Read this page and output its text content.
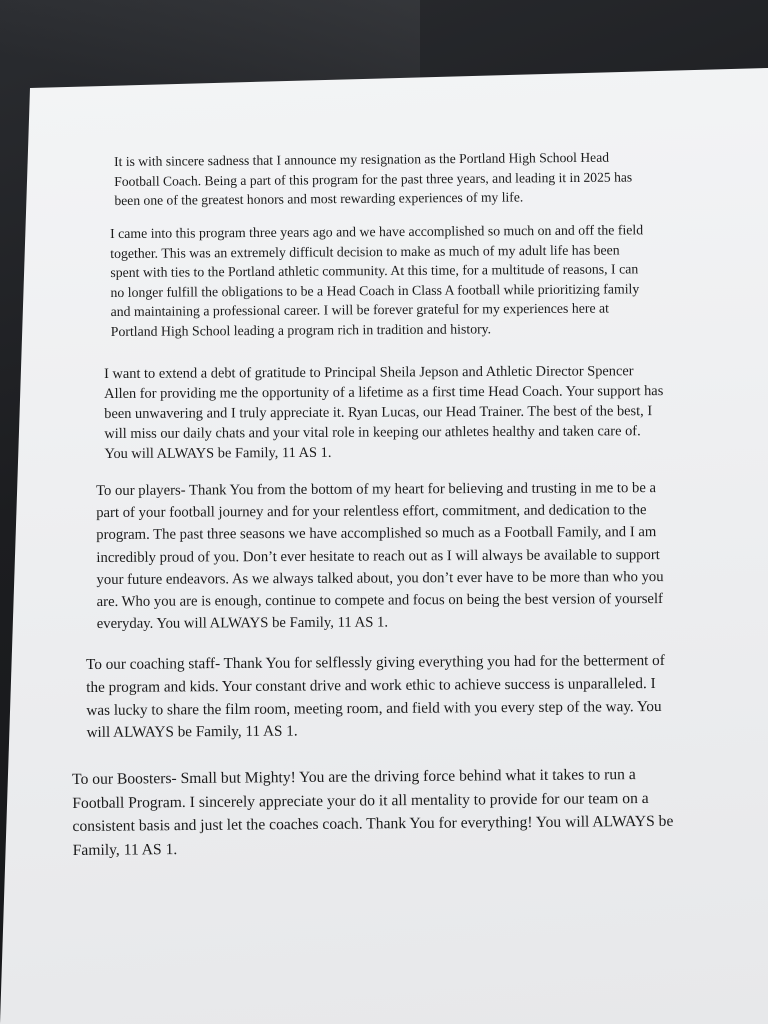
It is with sincere sadness that I announce my resignation as the Portland High School Head
Football Coach. Being a part of this program for the past three years, and leading it in 2025 has
been one of the greatest honors and most rewarding experiences of my life.

I came into this program three years ago and we have accomplished so much on and off the field
together. This was an extremely difficult decision to make as much of my adult life has been
spent with ties to the Portland athletic community. At this time, for a multitude of reasons, I can
no longer fulfill the obligations to be a Head Coach in Class A football while prioritizing family
and maintaining a professional career. I will be forever grateful for my experiences here at
Portland High School leading a program rich in tradition and history.

I want to extend a debt of gratitude to Principal Sheila Jepson and Athletic Director Spencer
Allen for providing me the opportunity of a lifetime as a first time Head Coach. Your support has
been unwavering and I truly appreciate it. Ryan Lucas, our Head Trainer. The best of the best, I
will miss our daily chats and your vital role in keeping our athletes healthy and taken care of.
You will ALWAYS be Family, 11 AS 1.

To our players- Thank You from the bottom of my heart for believing and trusting in me to be a
part of your football journey and for your relentless effort, commitment, and dedication to the
program. The past three seasons we have accomplished so much as a Football Family, and I am
incredibly proud of you. Don’t ever hesitate to reach out as I will always be available to support
your future endeavors. As we always talked about, you don’t ever have to be more than who you
are. Who you are is enough, continue to compete and focus on being the best version of yourself
everyday. You will ALWAYS be Family, 11 AS 1.

To our coaching staff- Thank You for selflessly giving everything you had for the betterment of
the program and kids. Your constant drive and work ethic to achieve success is unparalleled. I
was lucky to share the film room, meeting room, and field with you every step of the way. You
will ALWAYS be Family, 11 AS 1.

To our Boosters- Small but Mighty! You are the driving force behind what it takes to run a
Football Program. I sincerely appreciate your do it all mentality to provide for our team on a
consistent basis and just let the coaches coach. Thank You for everything! You will ALWAYS be
Family, 11 AS 1.
